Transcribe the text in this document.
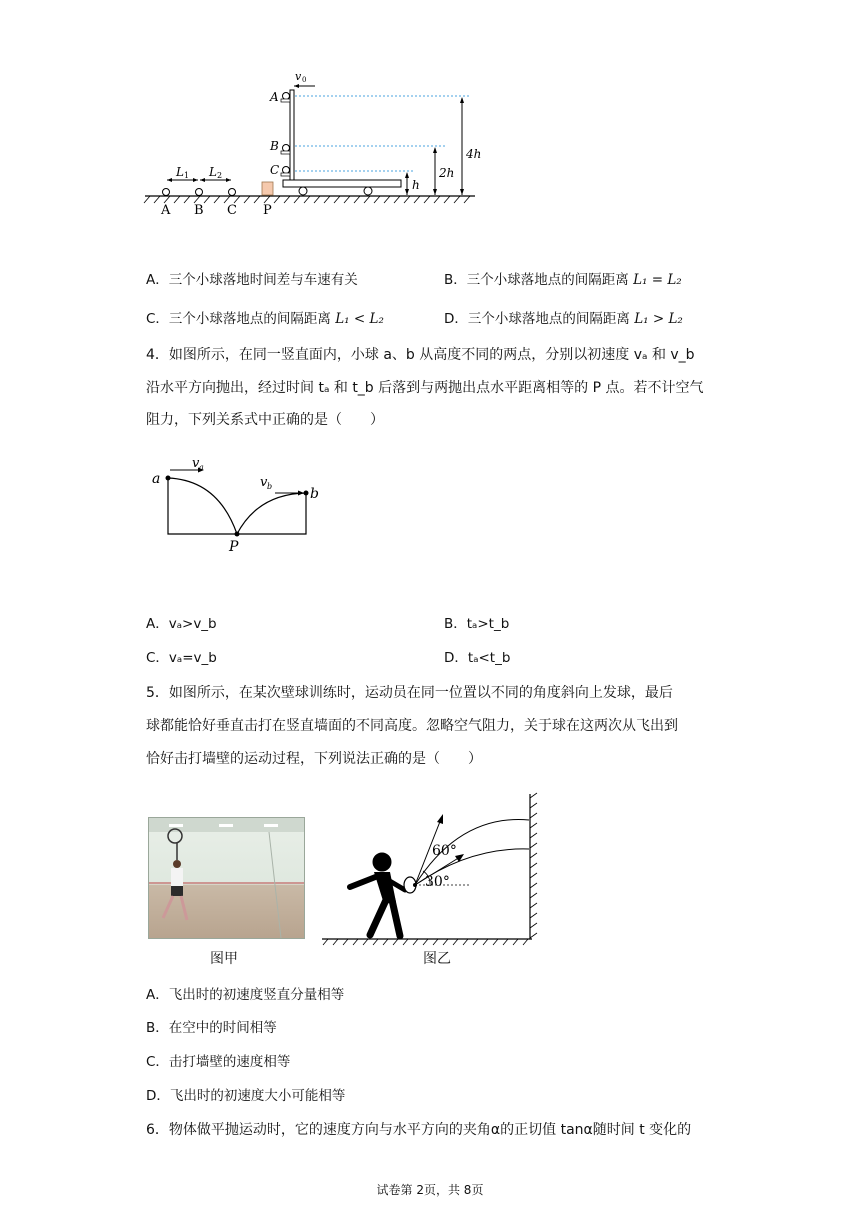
L 1 L 2
A B C P
A
B
C
v 0
4h
2h
h
A．三个小球落地时间差与车速有关	B．三个小球落地点的间隔距离 L₁ = L₂
C．三个小球落地点的间隔距离 L₁ < L₂	D．三个小球落地点的间隔距离 L₁ > L₂
4．如图所示，在同一竖直面内，小球 a、b 从高度不同的两点，分别以初速度 vₐ 和 v_b
沿水平方向抛出，经过时间 tₐ 和 t_b 后落到与两抛出点水平距离相等的 P 点。若不计空气
阻力，下列关系式中正确的是（　　）
a
b
v a
v b
P
A．vₐ>v_b	B．tₐ>t_b
C．vₐ=v_b	D．tₐ<t_b
5．如图所示，在某次壁球训练时，运动员在同一位置以不同的角度斜向上发球，最后
球都能恰好垂直击打在竖直墙面的不同高度。忽略空气阻力，关于球在这两次从飞出到
恰好击打墙壁的运动过程，下列说法正确的是（　　）
图甲
60°
30°
图乙
A．飞出时的初速度竖直分量相等
B．在空中的时间相等
C．击打墙壁的速度相等
D．飞出时的初速度大小可能相等
6．物体做平抛运动时，它的速度方向与水平方向的夹角α的正切值 tanα随时间 t 变化的
试卷第 2页，共 8页
